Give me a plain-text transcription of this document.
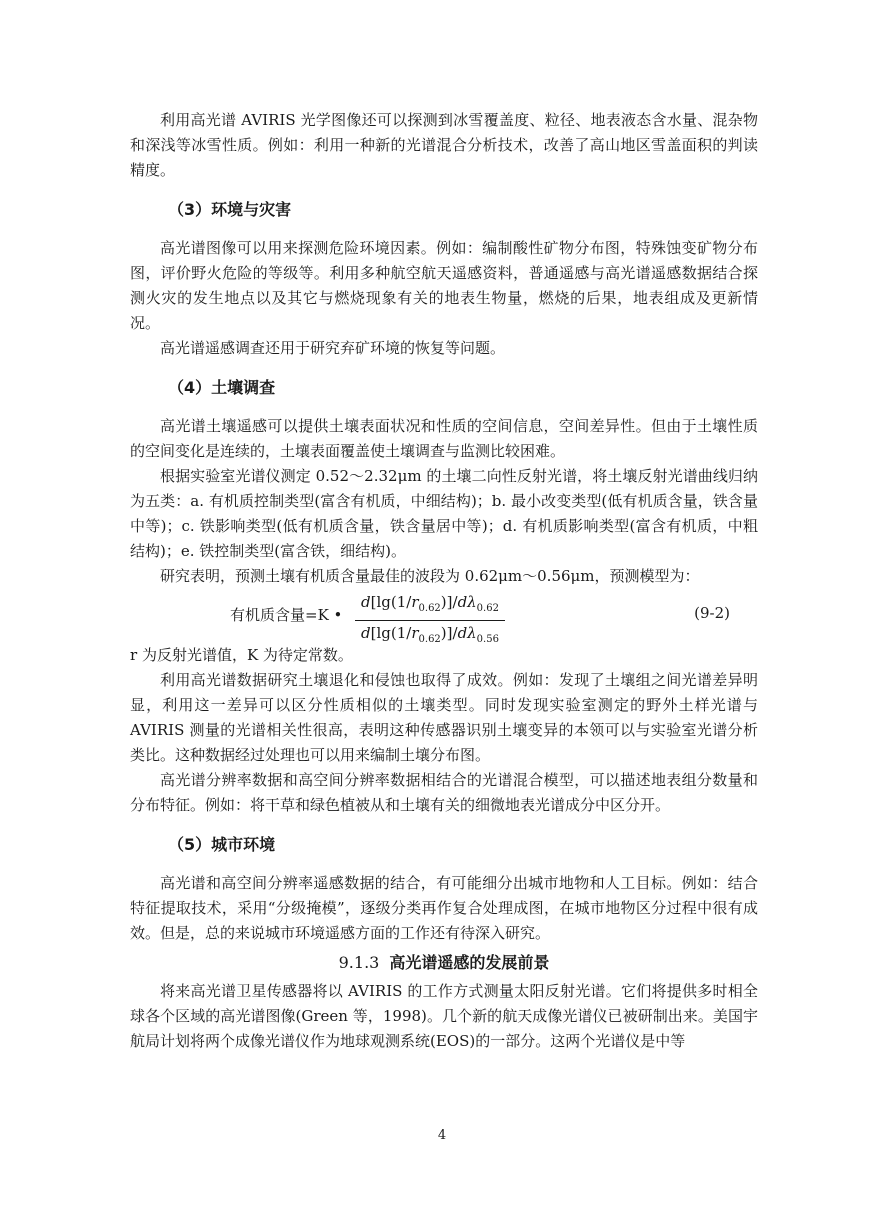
利用高光谱 AVIRIS 光学图像还可以探测到冰雪覆盖度、粒径、地表液态含水量、混杂物和深浅等冰雪性质。例如：利用一种新的光谱混合分析技术，改善了高山地区雪盖面积的判读精度。

（3）环境与灾害

高光谱图像可以用来探测危险环境因素。例如：编制酸性矿物分布图，特殊蚀变矿物分布图，评价野火危险的等级等。利用多种航空航天遥感资料，普通遥感与高光谱遥感数据结合探测火灾的发生地点以及其它与燃烧现象有关的地表生物量，燃烧的后果，地表组成及更新情况。

高光谱遥感调查还用于研究弃矿环境的恢复等问题。

（4）土壤调查

高光谱土壤遥感可以提供土壤表面状况和性质的空间信息，空间差异性。但由于土壤性质的空间变化是连续的，土壤表面覆盖使土壤调查与监测比较困难。

根据实验室光谱仪测定 0.52～2.32μm 的土壤二向性反射光谱，将土壤反射光谱曲线归纳为五类：a. 有机质控制类型(富含有机质，中细结构)；b. 最小改变类型(低有机质含量，铁含量中等)；c. 铁影响类型(低有机质含量，铁含量居中等)；d. 有机质影响类型(富含有机质，中粗结构)；e. 铁控制类型(富含铁，细结构)。

研究表明，预测土壤有机质含量最佳的波段为 0.62μm～0.56μm，预测模型为：

有机质含量=K • $\frac{d[\lg(1/r_{0.62})]/d\lambda_{0.62}}{d[\lg(1/r_{0.62})]/d\lambda_{0.56}}$	(9-2)

r 为反射光谱值，K 为待定常数。

利用高光谱数据研究土壤退化和侵蚀也取得了成效。例如：发现了土壤组之间光谱差异明显，利用这一差异可以区分性质相似的土壤类型。同时发现实验室测定的野外土样光谱与 AVIRIS 测量的光谱相关性很高，表明这种传感器识别土壤变异的本领可以与实验室光谱分析类比。这种数据经过处理也可以用来编制土壤分布图。

高光谱分辨率数据和高空间分辨率数据相结合的光谱混合模型，可以描述地表组分数量和分布特征。例如：将干草和绿色植被从和土壤有关的细微地表光谱成分中区分开。

（5）城市环境

高光谱和高空间分辨率遥感数据的结合，有可能细分出城市地物和人工目标。例如：结合特征提取技术，采用“分级掩模”，逐级分类再作复合处理成图，在城市地物区分过程中很有成效。但是，总的来说城市环境遥感方面的工作还有待深入研究。

9.1.3 高光谱遥感的发展前景

将来高光谱卫星传感器将以 AVIRIS 的工作方式测量太阳反射光谱。它们将提供多时相全球各个区域的高光谱图像(Green 等，1998)。几个新的航天成像光谱仪已被研制出来。美国宇航局计划将两个成像光谱仪作为地球观测系统(EOS)的一部分。这两个光谱仪是中等

4
